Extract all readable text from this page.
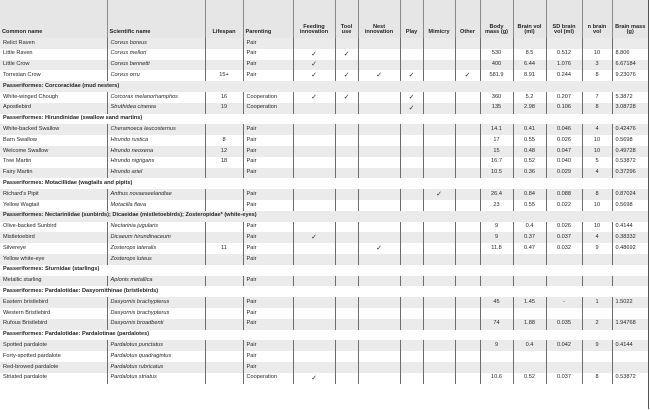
Common name	Scientific name	Lifespan	Parenting	Feeding innovation	Tool use	Nest innovation	Play	Mimicry	Other	Body mass (g)	Brain vol (ml)	SD brain vol (ml)	n brain vol	Brain mass (g)
Relict Raven	Corvus boreus		Pair											
Little Raven	Corvus mellori		Pair	✓	✓					530	8.5	0.512	10	8.806
Little Crow	Corvus bennetti		Pair	✓						400	6.44	1.076	3	6.67184
Torresian Crow	Corvus orru	15+	Pair	✓	✓	✓	✓		✓	581.9	8.91	0.244	8	9.23076
Passeriformes: Corcoracidae (mud nesters)														
White-winged Chough	Corcorax melanorhamphos	16	Cooperation	✓	✓		✓			360	5.2	0.207	7	5.3872
Apostlebird	Struthidea cinerea	19	Cooperation				✓			135	2.98	0.106	8	3.08728
Passeriformes: Hirundinidae (swallow sand martins)														
White-backed Swallow	Cheramoeca leucosternus		Pair							14.1	0.41	0.046	4	0.42476
Barn Swallow	Hirundo rustica	8	Pair							17	0.55	0.026	10	0.5698
Welcome Swallow	Hirundo neoxena	12	Pair							15	0.48	0.047	10	0.49728
Tree Martin	Hirundo nigrigans	18	Pair							16.7	0.52	0.040	5	0.53872
Fairy Martin	Hirundo ariel		Pair							10.5	0.36	0.029	4	0.37296
Passeriformes: Motacillidae (wagtails and pipits)														
Richard's Pipit	Anthus novaeseelandiae		Pair					✓		26.4	0.84	0.088	8	0.87024
Yellow Wagtail	Motacilla flava		Pair							23	0.55	0.022	10	0.5698
Passeriformes: Nectariniidae (sunbirds); Dicaeidae (mistletoebirds); Zosteropidae* (white-eyes)														
Olive-backed Sunbird	Nectarinia jugularis		Pair							9	0.4	0.026	10	0.4144
Mistletoebird	Dicaeum hirundinaceum		Pair	✓						9	0.37	0.037	4	0.38332
Silvereye	Zosterops lateralis	11	Pair			✓				11.8	0.47	0.032	9	0.48692
Yellow white-eye	Zosterops luteus		Pair											
Passeriformes: Sturnidae (starlings)														
Metallic starling	Aplonis metallica		Pair											
Passeriformes: Pardalotidae: Dasyornithinae (bristlebirds)														
Eastern bristlebird	Dasyornis brachypterus		Pair							45	1.45	-	1	1.5022
Western Bristlebird	Dasyornis brachypterus		Pair											
Rufous Bristlebird	Dasyornis broadbenti		Pair							74	1.88	0.035	2	1.94768
Passeriformes: Pardalotidae: Pardalotinae (pardalotes)														
Spotted pardalote	Pardalotus punctatus		Pair							9	0.4	0.042	9	0.4144
Forty-spotted pardalote	Pardalotus quadragintus		Pair											
Red-browed pardalote	Pardalotus rubricatus		Pair											
Striated pardalote	Pardalotus striatus		Cooperation	✓						10.6	0.52	0.037	8	0.53872
